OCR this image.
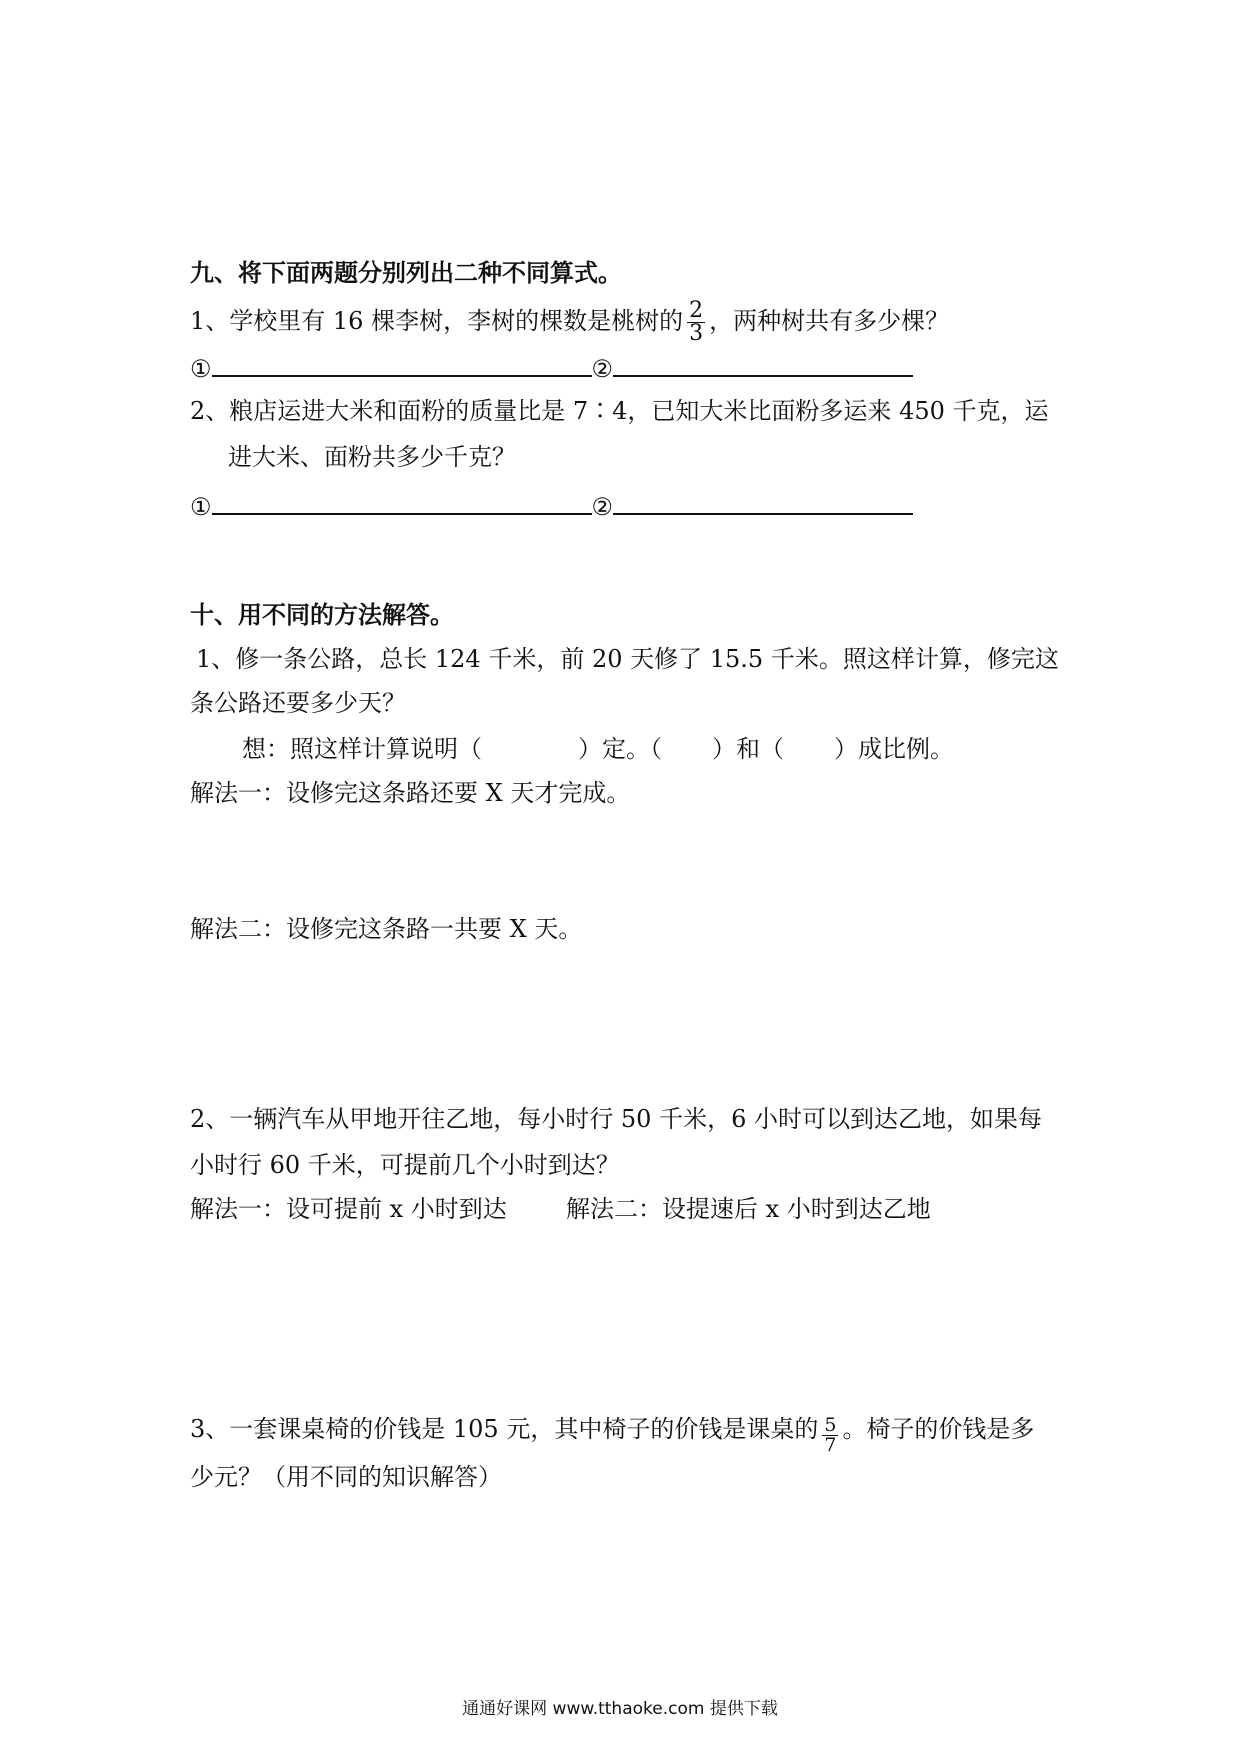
九、将下面两题分别列出二种不同算式。
1、学校里有 16 棵李树，李树的棵数是桃树的 $\frac{2}{3}$ ，两种树共有多少棵？
①	②
2、粮店运进大米和面粉的质量比是 7∶4，已知大米比面粉多运来 450 千克，运
进大米、面粉共多少千克？
①	②
十、用不同的方法解答。
1、修一条公路，总长 124 千米，前 20 天修了 15.5 千米。照这样计算，修完这
条公路还要多少天？
想：照这样计算说明（	）定。（ ）和（ ）成比例。
解法一：设修完这条路还要 X 天才完成。
解法二：设修完这条路一共要 X 天。
2、一辆汽车从甲地开往乙地，每小时行 50 千米，6 小时可以到达乙地，如果每
小时行 60 千米，可提前几个小时到达？
解法一：设可提前 x 小时到达 解法二：设提速后 x 小时到达乙地
3、一套课桌椅的价钱是 105 元，其中椅子的价钱是课桌的 $\frac{5}{7}$ 。椅子的价钱是多
少元？（用不同的知识解答）
通通好课网 www.tthaoke.com 提供下载
